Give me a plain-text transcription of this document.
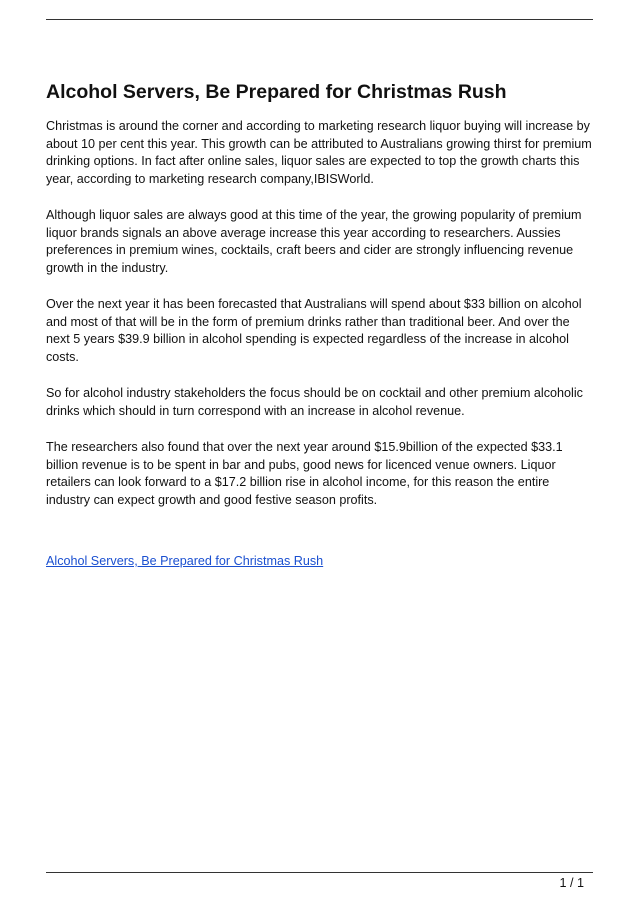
Alcohol Servers, Be Prepared for Christmas Rush

Christmas is around the corner and according to marketing research liquor buying will increase by about 10 per cent this year. This growth can be attributed to Australians growing thirst for premium drinking options. In fact after online sales, liquor sales are expected to top the growth charts this year, according to marketing research company,IBISWorld.

Although liquor sales are always good at this time of the year, the growing popularity of premium liquor brands signals an above average increase this year according to researchers. Aussies preferences in premium wines, cocktails, craft beers and cider are strongly influencing revenue growth in the industry.

Over the next year it has been forecasted that Australians will spend about $33 billion on alcohol and most of that will be in the form of premium drinks rather than traditional beer. And over the next 5 years $39.9 billion in alcohol spending is expected regardless of the increase in alcohol costs.

So for alcohol industry stakeholders the focus should be on cocktail and other premium alcoholic drinks which should in turn correspond with an increase in alcohol revenue.

The researchers also found that over the next year around $15.9billion of the expected $33.1 billion revenue is to be spent in bar and pubs, good news for licenced venue owners. Liquor retailers can look forward to a $17.2 billion rise in alcohol income, for this reason the entire industry can expect growth and good festive season profits.

Alcohol Servers, Be Prepared for Christmas Rush
1 / 1
